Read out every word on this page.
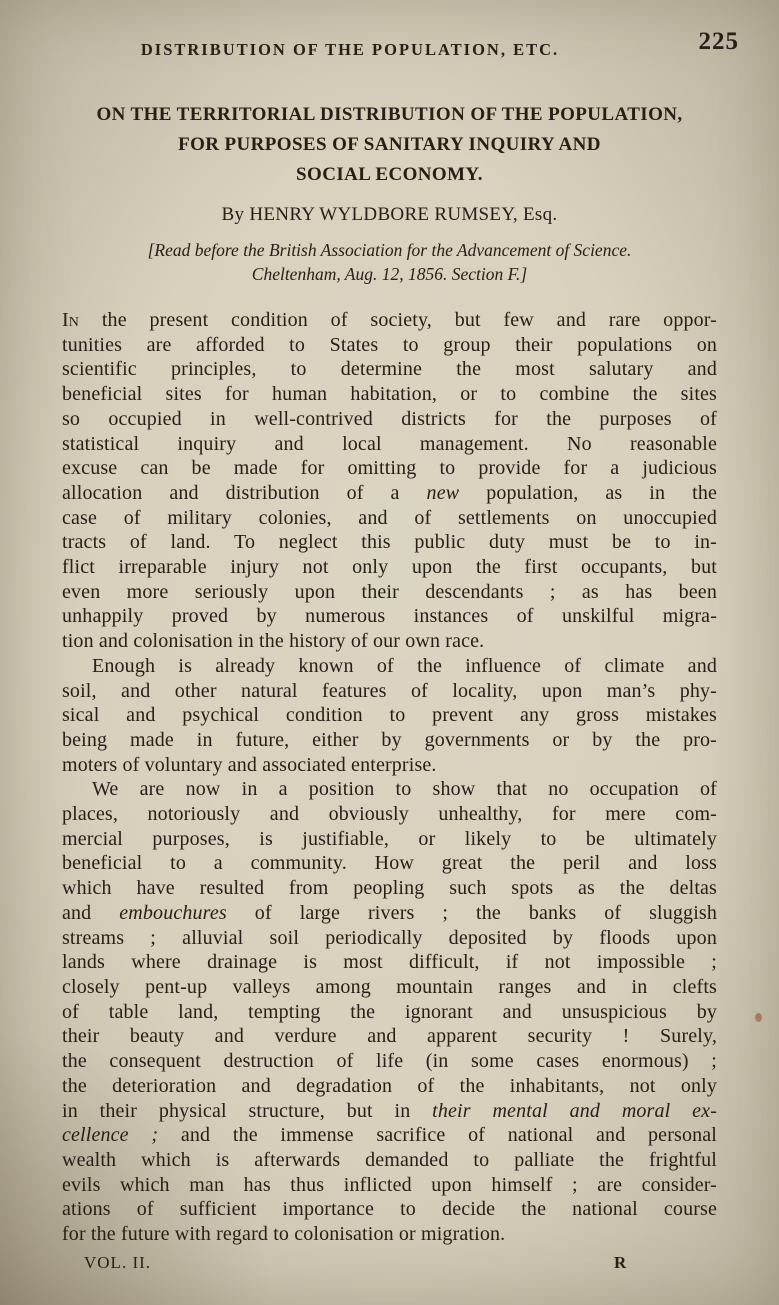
DISTRIBUTION OF THE POPULATION, ETC.	225
ON THE TERRITORIAL DISTRIBUTION OF THE POPULATION,
FOR PURPOSES OF SANITARY INQUIRY AND
SOCIAL ECONOMY.
By HENRY WYLDBORE RUMSEY, Esq.
[Read before the British Association for the Advancement of Science.
Cheltenham, Aug. 12, 1856. Section F.]

In the present condition of society, but few and rare oppor-
tunities are afforded to States to group their populations on
scientific principles, to determine the most salutary and
beneficial sites for human habitation, or to combine the sites
so occupied in well-contrived districts for the purposes of
statistical inquiry and local management. No reasonable
excuse can be made for omitting to provide for a judicious
allocation and distribution of a new population, as in the
case of military colonies, and of settlements on unoccupied
tracts of land. To neglect this public duty must be to in-
flict irreparable injury not only upon the first occupants, but
even more seriously upon their descendants ; as has been
unhappily proved by numerous instances of unskilful migra-
tion and colonisation in the history of our own race.

Enough is already known of the influence of climate and
soil, and other natural features of locality, upon man’s phy-
sical and psychical condition to prevent any gross mistakes
being made in future, either by governments or by the pro-
moters of voluntary and associated enterprise.

We are now in a position to show that no occupation of
places, notoriously and obviously unhealthy, for mere com-
mercial purposes, is justifiable, or likely to be ultimately
beneficial to a community. How great the peril and loss
which have resulted from peopling such spots as the deltas
and embouchures of large rivers ; the banks of sluggish
streams ; alluvial soil periodically deposited by floods upon
lands where drainage is most difficult, if not impossible ;
closely pent-up valleys among mountain ranges and in clefts
of table land, tempting the ignorant and unsuspicious by
their beauty and verdure and apparent security ! Surely,
the consequent destruction of life (in some cases enormous) ;
the deterioration and degradation of the inhabitants, not only
in their physical structure, but in their mental and moral ex-
cellence ; and the immense sacrifice of national and personal
wealth which is afterwards demanded to palliate the frightful
evils which man has thus inflicted upon himself ; are consider-
ations of sufficient importance to decide the national course
for the future with regard to colonisation or migration.

VOL. II.	R
